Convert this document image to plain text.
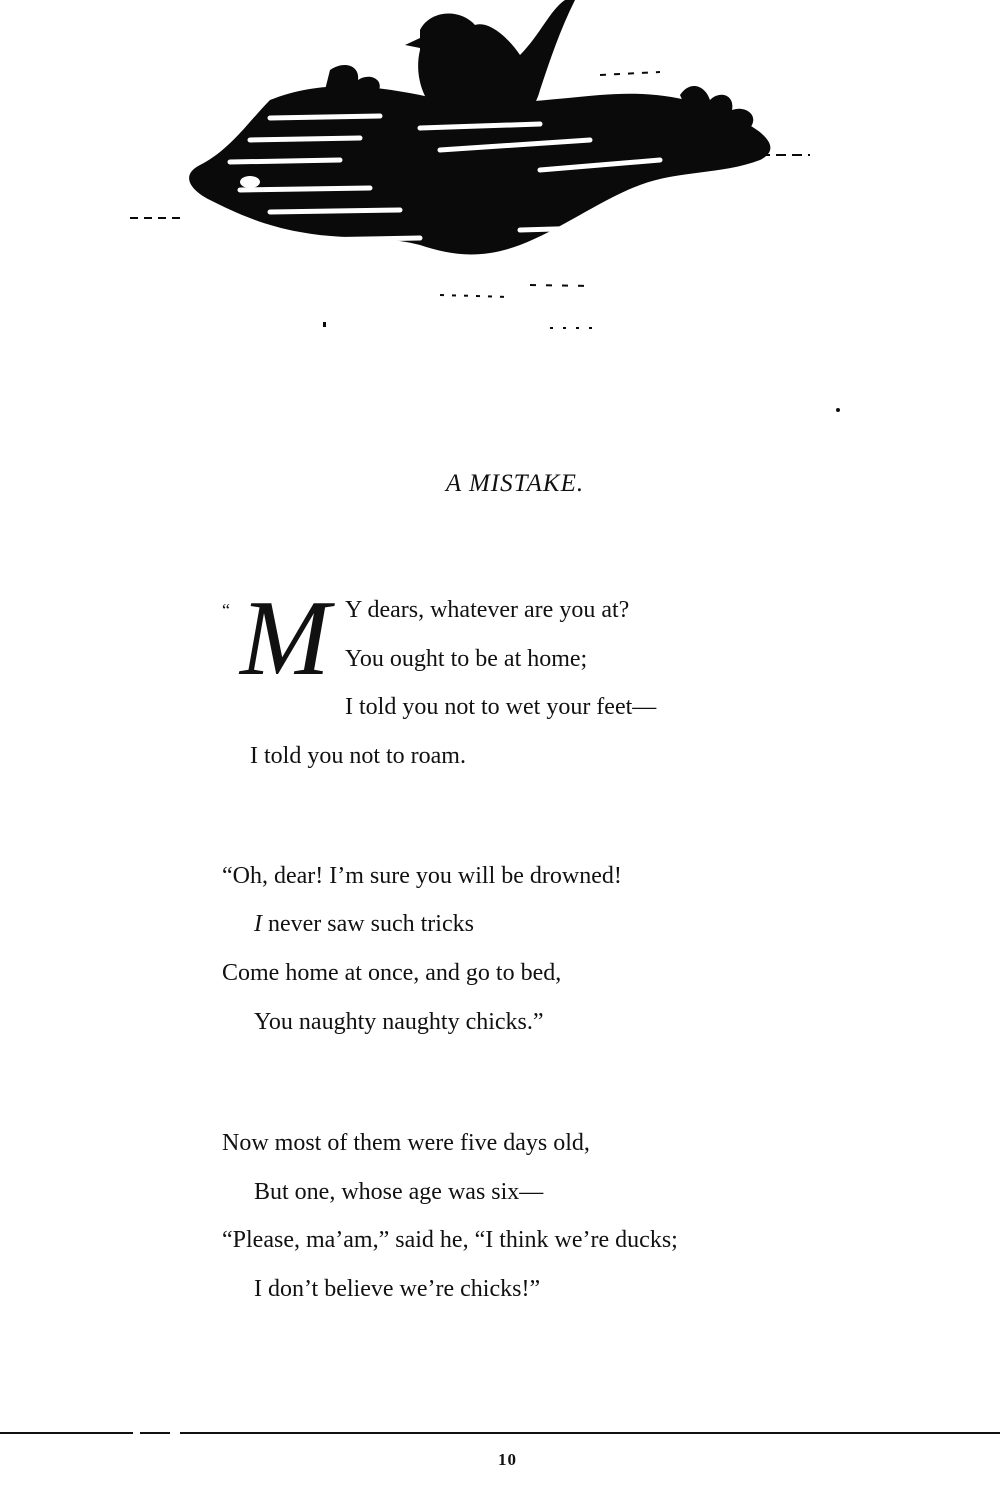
A MISTAKE.
“ M Y dears, whatever are you at?
You ought to be at home;
I told you not to wet your feet—
I told you not to roam.
“Oh, dear! I’m sure you will be drowned!
I never saw such tricks
Come home at once, and go to bed,
You naughty naughty chicks.”
Now most of them were five days old,
But one, whose age was six—
“Please, ma’am,” said he, “I think we’re ducks;
I don’t believe we’re chicks!”
10
